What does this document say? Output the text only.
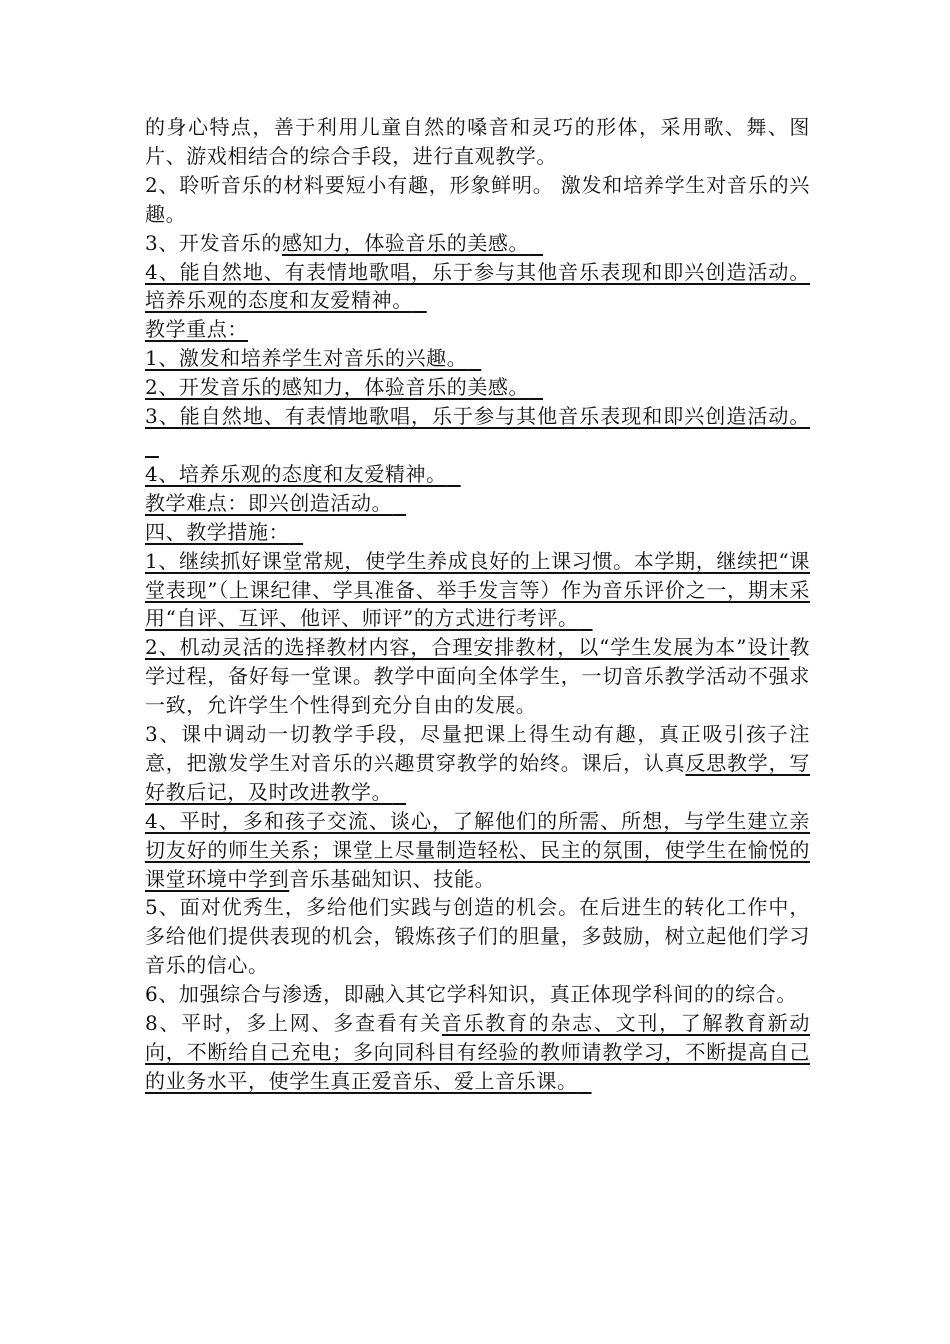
的身心特点，善于利用儿童自然的嗓音和灵巧的形体，采用歌、舞、图片、游戏相结合的综合手段，进行直观教学。

2、聆听音乐的材料要短小有趣，形象鲜明。 激发和培养学生对音乐的兴趣。

3、开发音乐的感知力，体验音乐的美感。

4、能自然地、有表情地歌唱，乐于参与其他音乐表现和即兴创造活动。培养乐观的态度和友爱精神。

教学重点：

1、激发和培养学生对音乐的兴趣。

2、开发音乐的感知力，体验音乐的美感。

3、能自然地、有表情地歌唱，乐于参与其他音乐表现和即兴创造活动。

4、培养乐观的态度和友爱精神。

教学难点：即兴创造活动。

四、教学措施：

1、继续抓好课堂常规，使学生养成良好的上课习惯。本学期，继续把“课堂表现”（上课纪律、学具准备、举手发言等）作为音乐评价之一，期末采用“自评、互评、他评、师评”的方式进行考评。

2、机动灵活的选择教材内容，合理安排教材，以“学生发展为本”设计教学过程，备好每一堂课。教学中面向全体学生，一切音乐教学活动不强求一致，允许学生个性得到充分自由的发展。

3、课中调动一切教学手段，尽量把课上得生动有趣，真正吸引孩子注意，把激发学生对音乐的兴趣贯穿教学的始终。课后，认真反思教学，写好教后记，及时改进教学。

4、平时，多和孩子交流、谈心，了解他们的所需、所想，与学生建立亲切友好的师生关系；课堂上尽量制造轻松、民主的氛围，使学生在愉悦的课堂环境中学到音乐基础知识、技能。

5、面对优秀生，多给他们实践与创造的机会。在后进生的转化工作中，多给他们提供表现的机会，锻炼孩子们的胆量，多鼓励，树立起他们学习音乐的信心。

6、加强综合与渗透，即融入其它学科知识，真正体现学科间的的综合。

8、平时，多上网、多查看有关音乐教育的杂志、文刊，了解教育新动向，不断给自己充电；多向同科目有经验的教师请教学习，不断提高自己的业务水平，使学生真正爱音乐、爱上音乐课。
